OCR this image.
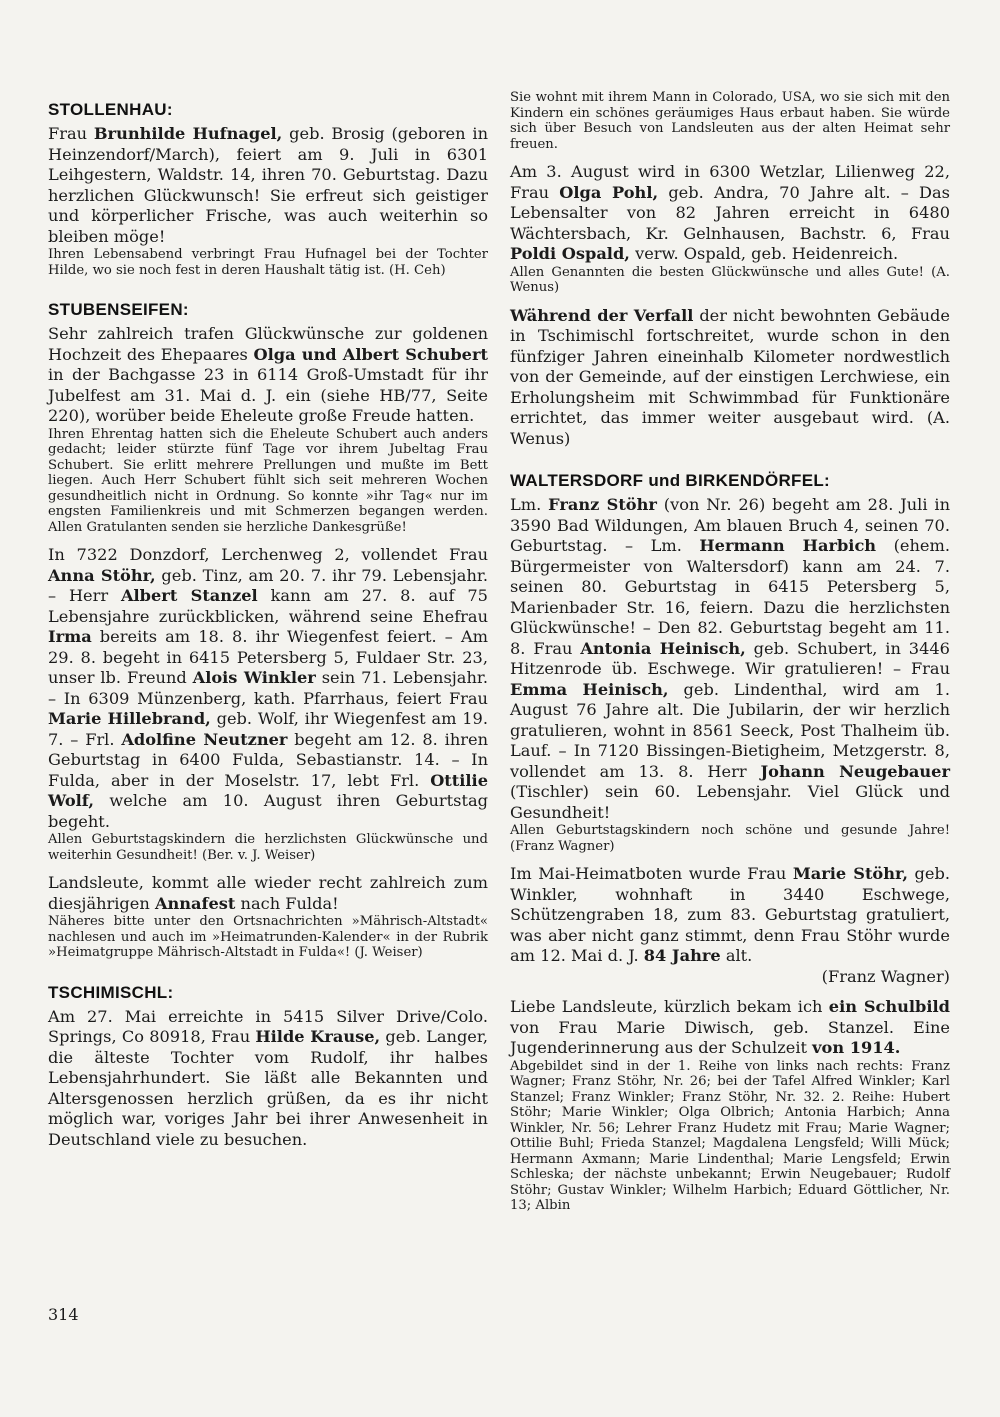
STOLLENHAU:

Frau Brunhilde Hufnagel, geb. Brosig (geboren in Heinzendorf/March), feiert am 9. Juli in 6301 Leihgestern, Waldstr. 14, ihren 70. Geburtstag. Dazu herzlichen Glückwunsch! Sie erfreut sich geistiger und körperlicher Frische, was auch weiterhin so bleiben möge!

Ihren Lebensabend verbringt Frau Hufnagel bei der Tochter Hilde, wo sie noch fest in deren Haushalt tätig ist. (H. Ceh)

STUBENSEIFEN:

Sehr zahlreich trafen Glückwünsche zur goldenen Hochzeit des Ehepaares Olga und Albert Schubert in der Bachgasse 23 in 6114 Groß-Umstadt für ihr Jubelfest am 31. Mai d. J. ein (siehe HB/77, Seite 220), worüber beide Eheleute große Freude hatten.

Ihren Ehrentag hatten sich die Eheleute Schubert auch anders gedacht; leider stürzte fünf Tage vor ihrem Jubeltag Frau Schubert. Sie erlitt mehrere Prellungen und mußte im Bett liegen. Auch Herr Schubert fühlt sich seit mehreren Wochen gesundheitlich nicht in Ordnung. So konnte »ihr Tag« nur im engsten Familienkreis und mit Schmerzen begangen werden. Allen Gratulanten senden sie herzliche Dankesgrüße!

In 7322 Donzdorf, Lerchenweg 2, vollendet Frau Anna Stöhr, geb. Tinz, am 20. 7. ihr 79. Lebensjahr. – Herr Albert Stanzel kann am 27. 8. auf 75 Lebensjahre zurückblicken, während seine Ehefrau Irma bereits am 18. 8. ihr Wiegenfest feiert. – Am 29. 8. begeht in 6415 Petersberg 5, Fuldaer Str. 23, unser lb. Freund Alois Winkler sein 71. Lebensjahr. – In 6309 Münzenberg, kath. Pfarrhaus, feiert Frau Marie Hillebrand, geb. Wolf, ihr Wiegenfest am 19. 7. – Frl. Adolfine Neutzner begeht am 12. 8. ihren Geburtstag in 6400 Fulda, Sebastianstr. 14. – In Fulda, aber in der Moselstr. 17, lebt Frl. Ottilie Wolf, welche am 10. August ihren Geburtstag begeht.

Allen Geburtstagskindern die herzlichsten Glückwünsche und weiterhin Gesundheit! (Ber. v. J. Weiser)

Landsleute, kommt alle wieder recht zahlreich zum diesjährigen Annafest nach Fulda!

Näheres bitte unter den Ortsnachrichten »Mährisch-Altstadt« nachlesen und auch im »Heimatrunden-Kalender« in der Rubrik »Heimatgruppe Mährisch-Altstadt in Fulda«! (J. Weiser)

TSCHIMISCHL:

Am 27. Mai erreichte in 5415 Silver Drive/Colo. Springs, Co 80918, Frau Hilde Krause, geb. Langer, die älteste Tochter vom Rudolf, ihr halbes Lebensjahrhundert. Sie läßt alle Bekannten und Altersgenossen herzlich grüßen, da es ihr nicht möglich war, voriges Jahr bei ihrer Anwesenheit in Deutschland viele zu besuchen.

Sie wohnt mit ihrem Mann in Colorado, USA, wo sie sich mit den Kindern ein schönes geräumiges Haus erbaut haben. Sie würde sich über Besuch von Landsleuten aus der alten Heimat sehr freuen.

Am 3. August wird in 6300 Wetzlar, Lilienweg 22, Frau Olga Pohl, geb. Andra, 70 Jahre alt. – Das Lebensalter von 82 Jahren erreicht in 6480 Wächtersbach, Kr. Gelnhausen, Bachstr. 6, Frau Poldi Ospald, verw. Ospald, geb. Heidenreich.

Allen Genannten die besten Glückwünsche und alles Gute! (A. Wenus)

Während der Verfall der nicht bewohnten Gebäude in Tschimischl fortschreitet, wurde schon in den fünfziger Jahren eineinhalb Kilometer nordwestlich von der Gemeinde, auf der einstigen Lerchwiese, ein Erholungsheim mit Schwimmbad für Funktionäre errichtet, das immer weiter ausgebaut wird. (A. Wenus)

WALTERSDORF und BIRKENDÖRFEL:

Lm. Franz Stöhr (von Nr. 26) begeht am 28. Juli in 3590 Bad Wildungen, Am blauen Bruch 4, seinen 70. Geburtstag. – Lm. Hermann Harbich (ehem. Bürgermeister von Waltersdorf) kann am 24. 7. seinen 80. Geburtstag in 6415 Petersberg 5, Marienbader Str. 16, feiern. Dazu die herzlichsten Glückwünsche! – Den 82. Geburtstag begeht am 11. 8. Frau Antonia Heinisch, geb. Schubert, in 3446 Hitzenrode üb. Eschwege. Wir gratulieren! – Frau Emma Heinisch, geb. Lindenthal, wird am 1. August 76 Jahre alt. Die Jubilarin, der wir herzlich gratulieren, wohnt in 8561 Seeck, Post Thalheim üb. Lauf. – In 7120 Bissingen-Bietigheim, Metzgerstr. 8, vollendet am 13. 8. Herr Johann Neugebauer (Tischler) sein 60. Lebensjahr. Viel Glück und Gesundheit!

Allen Geburtstagskindern noch schöne und gesunde Jahre! (Franz Wagner)

Im Mai-Heimatboten wurde Frau Marie Stöhr, geb. Winkler, wohnhaft in 3440 Eschwege, Schützengraben 18, zum 83. Geburtstag gratuliert, was aber nicht ganz stimmt, denn Frau Stöhr wurde am 12. Mai d. J. 84 Jahre alt.

(Franz Wagner)

Liebe Landsleute, kürzlich bekam ich ein Schulbild von Frau Marie Diwisch, geb. Stanzel. Eine Jugenderinnerung aus der Schulzeit von 1914.

Abgebildet sind in der 1. Reihe von links nach rechts: Franz Wagner; Franz Stöhr, Nr. 26; bei der Tafel Alfred Winkler; Karl Stanzel; Franz Winkler; Franz Stöhr, Nr. 32. 2. Reihe: Hubert Stöhr; Marie Winkler; Olga Olbrich; Antonia Harbich; Anna Winkler, Nr. 56; Lehrer Franz Hudetz mit Frau; Marie Wagner; Ottilie Buhl; Frieda Stanzel; Magdalena Lengsfeld; Willi Mück; Hermann Axmann; Marie Lindenthal; Marie Lengsfeld; Erwin Schleska; der nächste unbekannt; Erwin Neugebauer; Rudolf Stöhr; Gustav Winkler; Wilhelm Harbich; Eduard Göttlicher, Nr. 13; Albin

314
